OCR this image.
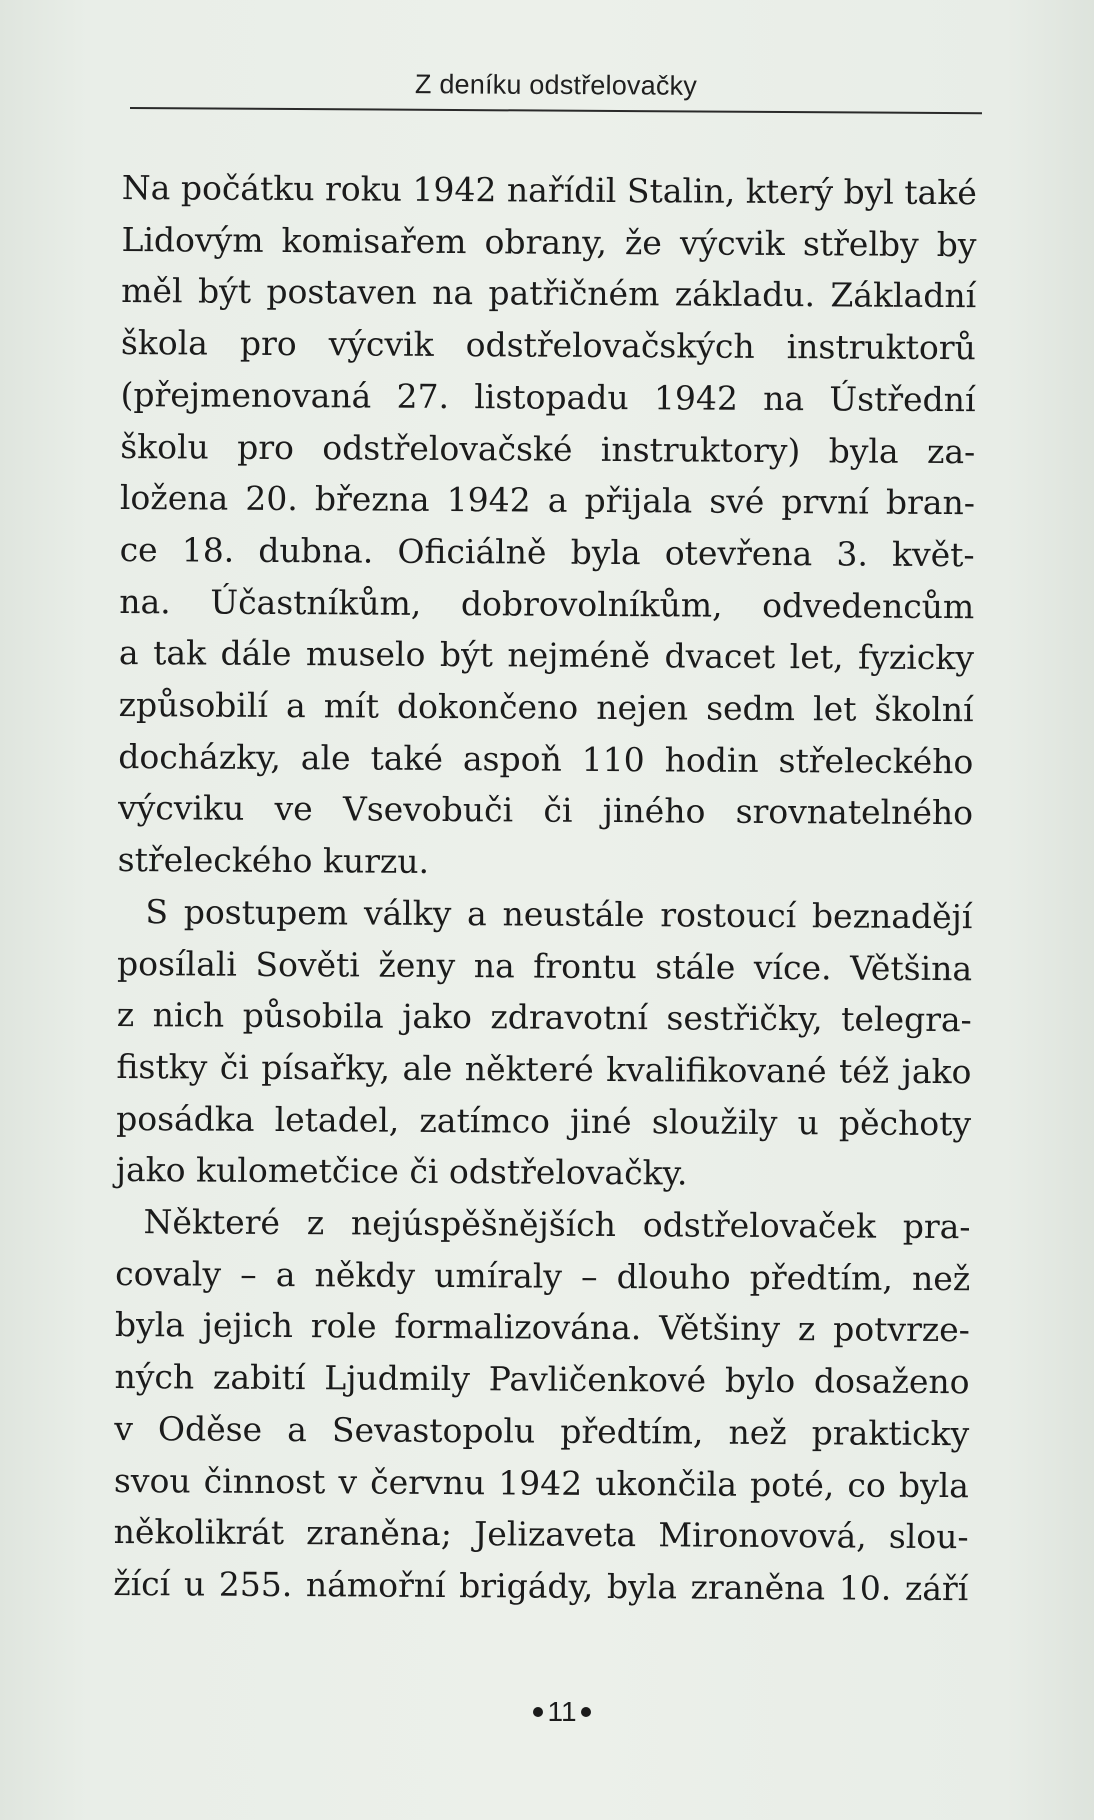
Z deníku odstřelovačky
Na počátku roku 1942 nařídil Stalin, který byl také
Lidovým komisařem obrany, že výcvik střelby by
měl být postaven na patřičném základu. Základní
škola pro výcvik odstřelovačských instruktorů
(přejmenovaná 27. listopadu 1942 na Ústřední
školu pro odstřelovačské instruktory) byla za-
ložena 20. března 1942 a přijala své první bran-
ce 18. dubna. Oficiálně byla otevřena 3. květ-
na. Účastníkům, dobrovolníkům, odvedencům
a tak dále muselo být nejméně dvacet let, fyzicky
způsobilí a mít dokončeno nejen sedm let školní
docházky, ale také aspoň 110 hodin střeleckého
výcviku ve Vsevobuči či jiného srovnatelného
střeleckého kurzu.
S postupem války a neustále rostoucí beznadějí
posílali Sověti ženy na frontu stále více. Většina
z nich působila jako zdravotní sestřičky, telegra-
fistky či písařky, ale některé kvalifikované též jako
posádka letadel, zatímco jiné sloužily u pěchoty
jako kulometčice či odstřelovačky.
Některé z nejúspěšnějších odstřelovaček pra-
covaly – a někdy umíraly – dlouho předtím, než
byla jejich role formalizována. Většiny z potvrze-
ných zabití Ljudmily Pavličenkové bylo dosaženo
v Oděse a Sevastopolu předtím, než prakticky
svou činnost v červnu 1942 ukončila poté, co byla
několikrát zraněna; Jelizaveta Mironovová, slou-
žící u 255. námořní brigády, byla zraněna 10. září
11
